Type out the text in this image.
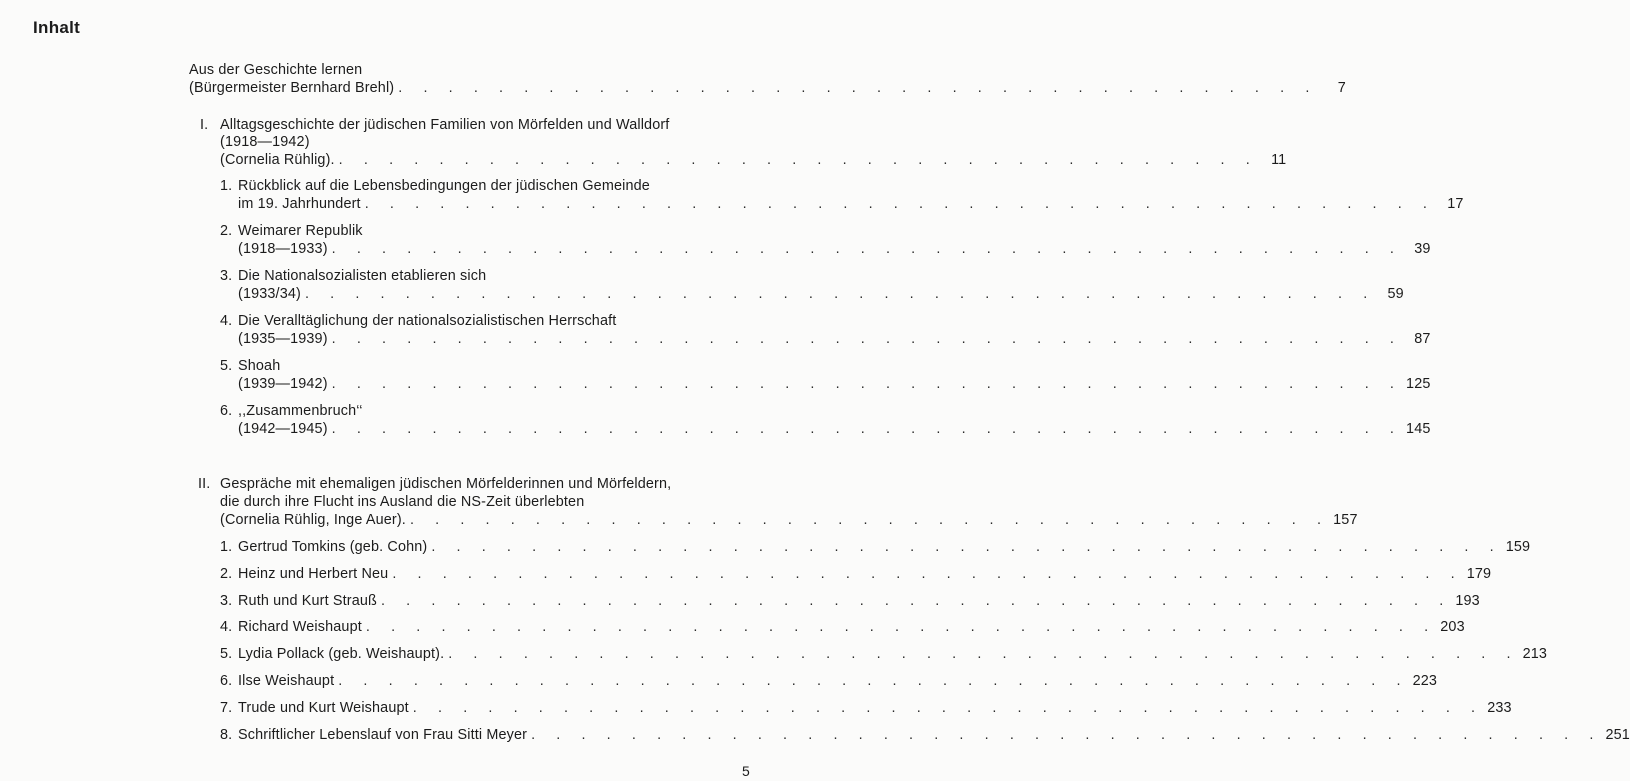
Inhalt
Aus der Geschichte lernen
(Bürgermeister Bernhard Brehl) . . . . . . . . . . . . . . . . . . . . . . . . . . . . . . . . . . . . .	7
I. Alltagsgeschichte der jüdischen Familien von Mörfelden und Walldorf
(1918—1942)
(Cornelia Rühlig). . . . . . . . . . . . . . . . . . . . . . . . . . . . . . . . . . . . . . 11
1. Rückblick auf die Lebensbedingungen der jüdischen Gemeinde
im 19. Jahrhundert . . . . . . . . . . . . . . . . . . . . . . . . . . . . . . . . . . . . . . . . . . . 17
2. Weimarer Republik
(1918—1933) . . . . . . . . . . . . . . . . . . . . . . . . . . . . . . . . . . . . . . . . . . . 39
3. Die Nationalsozialisten etablieren sich
(1933/34) . . . . . . . . . . . . . . . . . . . . . . . . . . . . . . . . . . . . . . . . . . . 59
4. Die Veralltäglichung der nationalsozialistischen Herrschaft
(1935—1939) . . . . . . . . . . . . . . . . . . . . . . . . . . . . . . . . . . . . . . . . . . . 87
5. Shoah
(1939—1942) . . . . . . . . . . . . . . . . . . . . . . . . . . . . . . . . . . . . . . . . . . . 125
6. ,,Zusammenbruch‘‘
(1942—1945) . . . . . . . . . . . . . . . . . . . . . . . . . . . . . . . . . . . . . . . . . . . 145
II. Gespräche mit ehemaligen jüdischen Mörfelderinnen und Mörfeldern,
die durch ihre Flucht ins Ausland die NS-Zeit überlebten
(Cornelia Rühlig, Inge Auer). . . . . . . . . . . . . . . . . . . . . . . . . . . . . . . . . . . . . . 157
1. Gertrud Tomkins (geb. Cohn) . . . . . . . . . . . . . . . . . . . . . . . . . . . . . . . . . . . . . . . . . . . 159
2. Heinz und Herbert Neu . . . . . . . . . . . . . . . . . . . . . . . . . . . . . . . . . . . . . . . . . . . 179
3. Ruth und Kurt Strauß . . . . . . . . . . . . . . . . . . . . . . . . . . . . . . . . . . . . . . . . . . . 193
4. Richard Weishaupt . . . . . . . . . . . . . . . . . . . . . . . . . . . . . . . . . . . . . . . . . . . 203
5. Lydia Pollack (geb. Weishaupt). . . . . . . . . . . . . . . . . . . . . . . . . . . . . . . . . . . . . . . . . . . . 213
6. Ilse Weishaupt . . . . . . . . . . . . . . . . . . . . . . . . . . . . . . . . . . . . . . . . . . . 223
7. Trude und Kurt Weishaupt . . . . . . . . . . . . . . . . . . . . . . . . . . . . . . . . . . . . . . . . . . . 233
8. Schriftlicher Lebenslauf von Frau Sitti Meyer . . . . . . . . . . . . . . . . . . . . . . . . . . . . . . . . . . . . . . . . . . . 251
5
